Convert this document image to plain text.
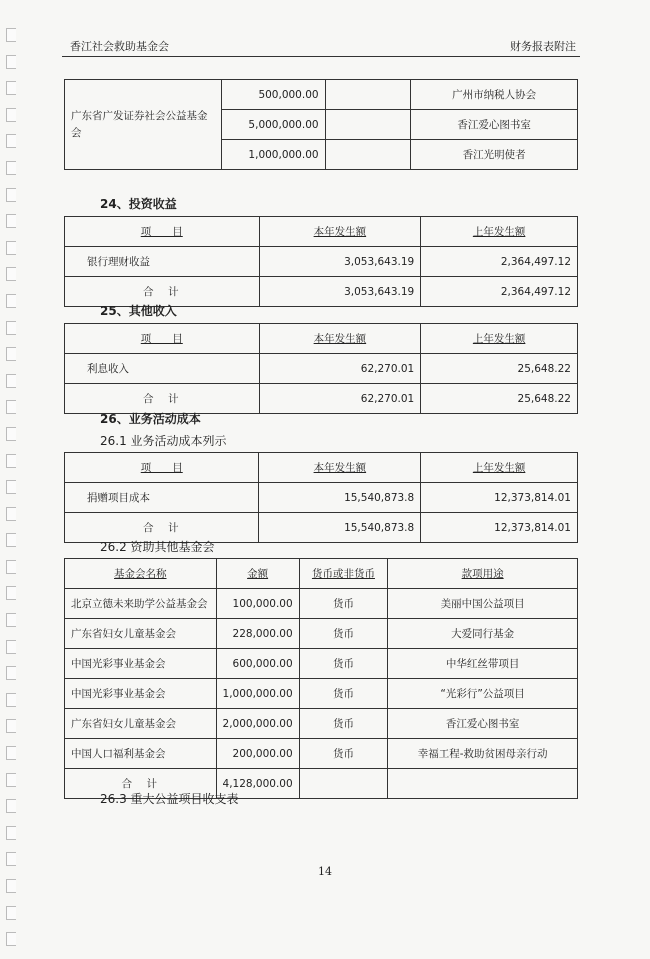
香江社会救助基金会	财务报表附注
广东省广发证券社会公益基金会	500,000.00		广州市纳税人协会
	5,000,000.00		香江爱心图书室
	1,000,000.00		香江光明使者
24、投资收益
项　　目	本年发生额	上年发生额
银行理财收益	3,053,643.19	2,364,497.12
合　计	3,053,643.19	2,364,497.12
25、其他收入
项　　目	本年发生额	上年发生额
利息收入	62,270.01	25,648.22
合　计	62,270.01	25,648.22
26、业务活动成本
26.1 业务活动成本列示
项　　目	本年发生额	上年发生额
捐赠项目成本	15,540,873.8	12,373,814.01
合　计	15,540,873.8	12,373,814.01
26.2 资助其他基金会
基金会名称	金额	货币或非货币	款项用途
北京立德未来助学公益基金会	100,000.00	货币	美丽中国公益项目
广东省妇女儿童基金会	228,000.00	货币	大爱同行基金
中国光彩事业基金会	600,000.00	货币	中华红丝带项目
中国光彩事业基金会	1,000,000.00	货币	“光彩行”公益项目
广东省妇女儿童基金会	2,000,000.00	货币	香江爱心图书室
中国人口福利基金会	200,000.00	货币	幸福工程-救助贫困母亲行动
合　计	4,128,000.00		
26.3 重大公益项目收支表
14
